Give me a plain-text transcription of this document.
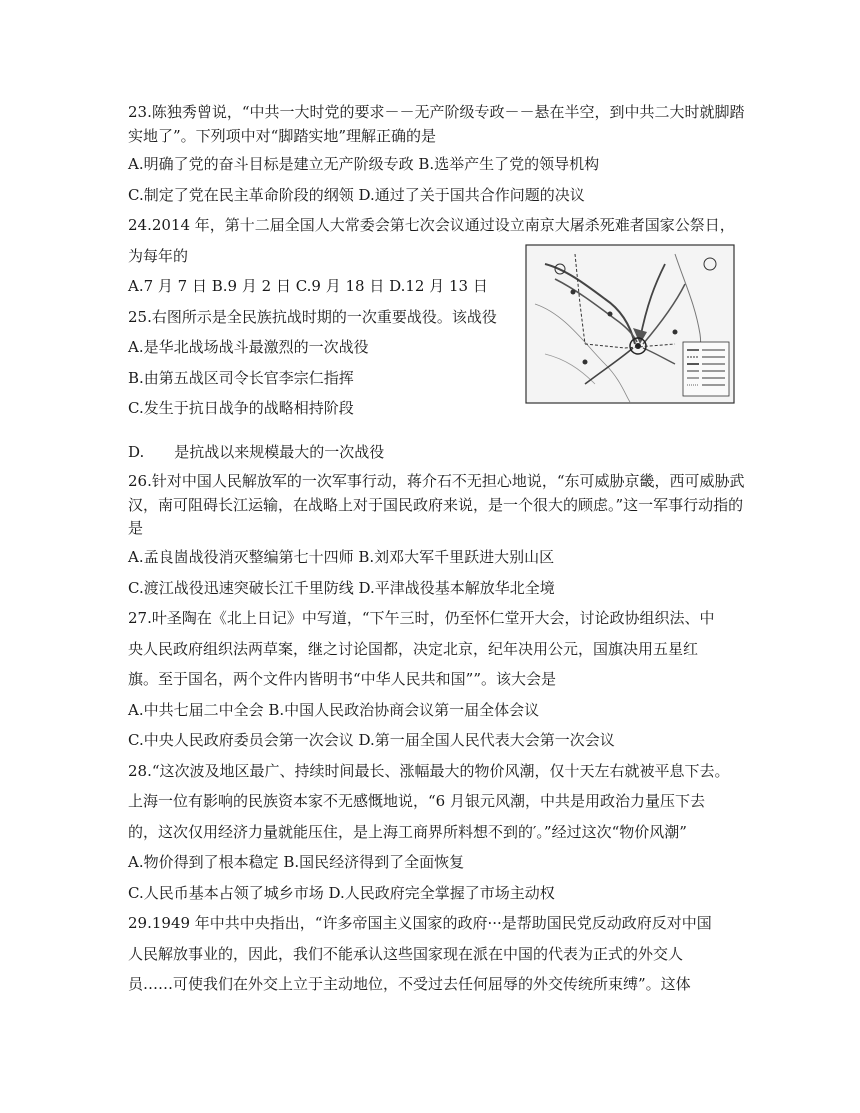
23.陈独秀曾说，“中共一大时党的要求－－无产阶级专政－－悬在半空，到中共二大时就脚踏
实地了”。下列项中对“脚踏实地”理解正确的是
A.明确了党的奋斗目标是建立无产阶级专政 B.选举产生了党的领导机构
C.制定了党在民主革命阶段的纲领 D.通过了关于国共合作问题的决议
24.2014 年，第十二届全国人大常委会第七次会议通过设立南京大屠杀死难者国家公祭日，
为每年的
A.7 月 7 日 B.9 月 2 日 C.9 月 18 日 D.12 月 13 日
25.右图所示是全民族抗战时期的一次重要战役。该战役
A.是华北战场战斗最激烈的一次战役
B.由第五战区司令长官李宗仁指挥
C.发生于抗日战争的战略相持阶段
D.　　是抗战以来规模最大的一次战役
26.针对中国人民解放军的一次军事行动，蒋介石不无担心地说，“东可威胁京畿，西可威胁武
汉，南可阻碍长江运输，在战略上对于国民政府来说，是一个很大的顾虑。”这一军事行动指的
是
A.孟良崮战役消灭整编第七十四师 B.刘邓大军千里跃进大别山区
C.渡江战役迅速突破长江千里防线 D.平津战役基本解放华北全境
27.叶圣陶在《北上日记》中写道，“下午三时，仍至怀仁堂开大会，讨论政协组织法、中
央人民政府组织法两草案，继之讨论国都，决定北京，纪年决用公元，国旗决用五星红
旗。至于国名，两个文件内皆明书“中华人民共和国””。该大会是
A.中共七届二中全会 B.中国人民政治协商会议第一届全体会议
C.中央人民政府委员会第一次会议 D.第一届全国人民代表大会第一次会议
28.“这次波及地区最广、持续时间最长、涨幅最大的物价风潮，仅十天左右就被平息下去。
上海一位有影响的民族资本家不无感慨地说，“6 月银元风潮，中共是用政治力量压下去
的，这次仅用经济力量就能压住，是上海工商界所料想不到的′。”经过这次“物价风潮”
A.物价得到了根本稳定 B.国民经济得到了全面恢复
C.人民币基本占领了城乡市场 D.人民政府完全掌握了市场主动权
29.1949 年中共中央指出，“许多帝国主义国家的政府···是帮助国民党反动政府反对中国
人民解放事业的，因此，我们不能承认这些国家现在派在中国的代表为正式的外交人
员……可使我们在外交上立于主动地位，不受过去任何屈辱的外交传统所束缚”。这体
